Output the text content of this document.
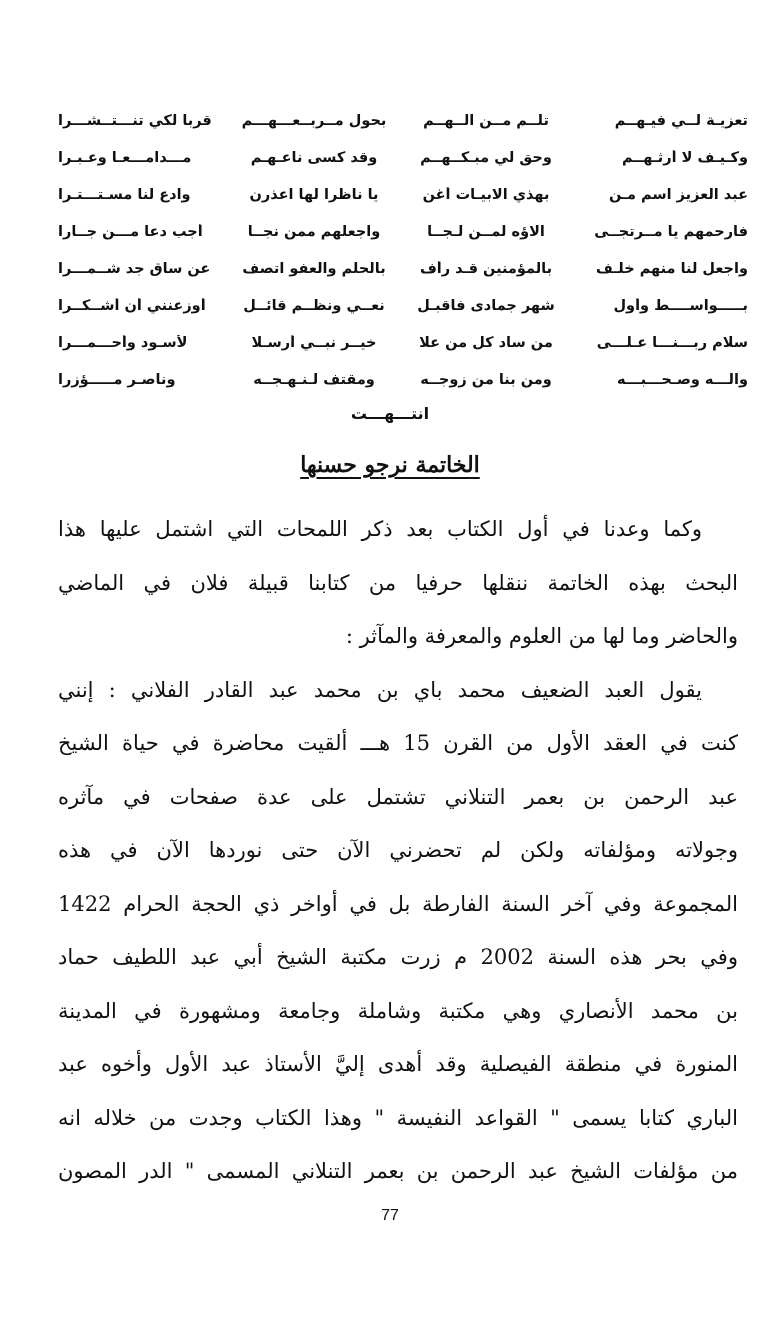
تعزيـة لــي فيـهــم
تلــم مــن آلــهــم
بحول مــربــعـــهـــم
قربا لكي تنـــتــشـــرا
وكـيـف لا أرثـهــم
وحق لي مبـكــهــم
وقد كسى ناعـهـم
مـــدامـــعـا وعـبـرا
عبد العزيز اسم مـن
بهذي الابيـات أغن
يا ناظرا لها اعذرن
وادع لنا مسـتـــتـرا
فارحمهم يا مــرتجــى
آلاؤه لمــن لـجــا
واجعلهم ممن نجــا
أجب دعا مـــن جــارا
واجعل لنا منهم خلـف
بالمؤمنين قـد رأف
بالحلم والعفو اتصف
عن ساق جد شــمـــرا
بـــــواســــط وأول
شهر جمادى فاقبـل
نعــي ونظــم قائــل
أوزعنني أن أشــكــرا
سلام ربـــنـــا عـلـــى
من ساد كل من علا
خيــر نبــي أرسـلا
لأسـود وأحـــمـــرا
وآلـــه وصـحـــبـــه
ومن بنا من زوجــه
ومقتف لـنـهـجــه
وناصـر مـــــؤزرا
انتـــهـــت
الخاتمة نرجو حسنها
وكما وعدنا في أول الكتاب بعد ذكر اللمحات التي اشتمل عليها هذا
البحث بهذه الخاتمة ننقلها حرفيا من كتابنا قبيلة فلان في الماضي
والحاضر وما لها من العلوم والمعرفة والمآثر :
يقول العبد الضعيف محمد باي بن محمد عبد القادر الفلاني : إنني
كنت في العقد الأول من القرن 15 هـــ ألقيت محاضرة في حياة الشيخ
عبد الرحمن بن بعمر التنلاني تشتمل على عدة صفحات في مآثره
وجولاته ومؤلفاته ولكن لم تحضرني الآن حتى نوردها الآن في هذه
المجموعة وفي آخر السنة الفارطة بل في أواخر ذي الحجة الحرام 1422
وفي بحر هذه السنة 2002 م زرت مكتبة الشيخ أبي عبد اللطيف حماد
بن محمد الأنصاري وهي مكتبة وشاملة وجامعة ومشهورة في المدينة
المنورة في منطقة الفيصلية وقد أهدى إليَّ الأستاذ عبد الأول وأخوه عبد
الباري كتابا يسمى " القواعد النفيسة " وهذا الكتاب وجدت من خلاله انه
من مؤلفات الشيخ عبد الرحمن بن بعمر التنلاني المسمى " الدر المصون
77
